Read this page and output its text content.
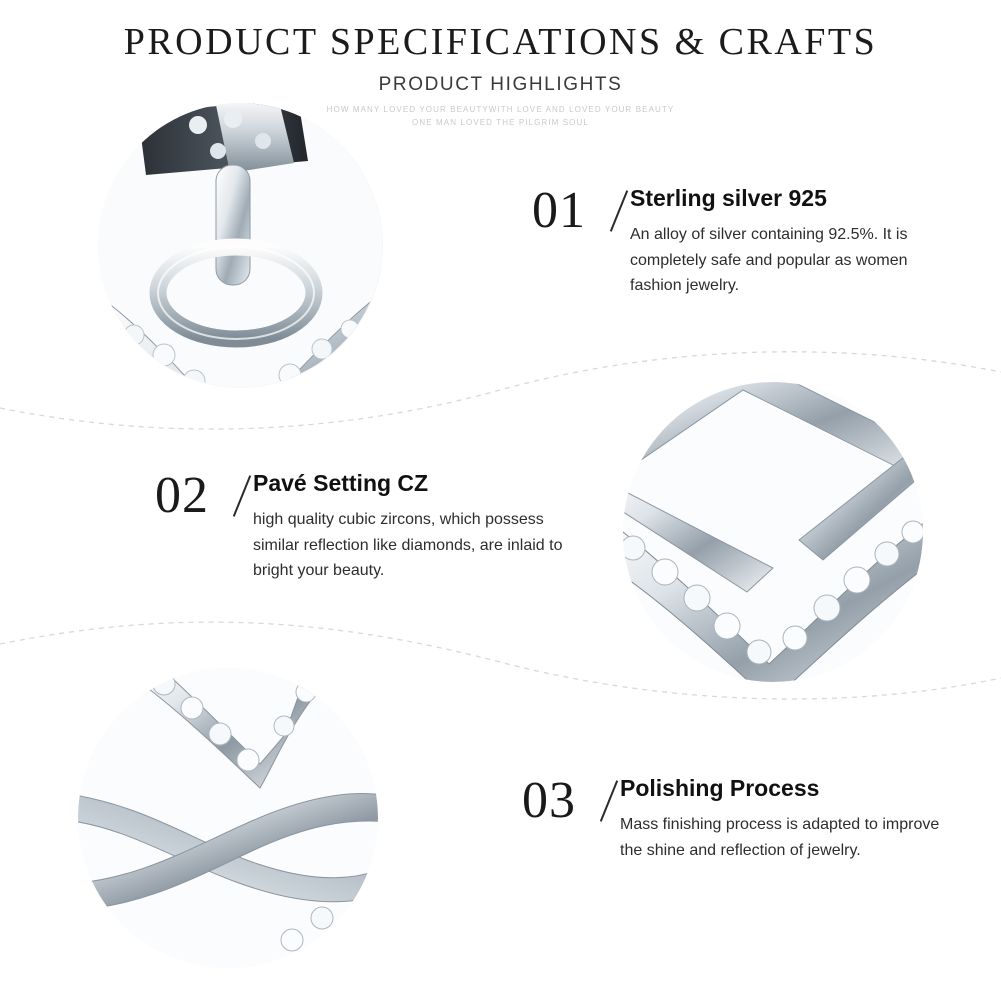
PRODUCT SPECIFICATIONS & CRAFTS
PRODUCT HIGHLIGHTS
HOW MANY LOVED YOUR BEAUTYWITH LOVE AND LOVED YOUR BEAUTY
ONE MAN LOVED THE PILGRIM SOUL
01 Sterling silver 925

An alloy of silver containing 92.5%. It is completely safe and popular as women fashion jewelry.

02 Pavé Setting CZ

high quality cubic zircons, which possess similar reflection like diamonds, are inlaid to bright your beauty.

03 Polishing Process

Mass finishing process is adapted to improve the shine and reflection of jewelry.
